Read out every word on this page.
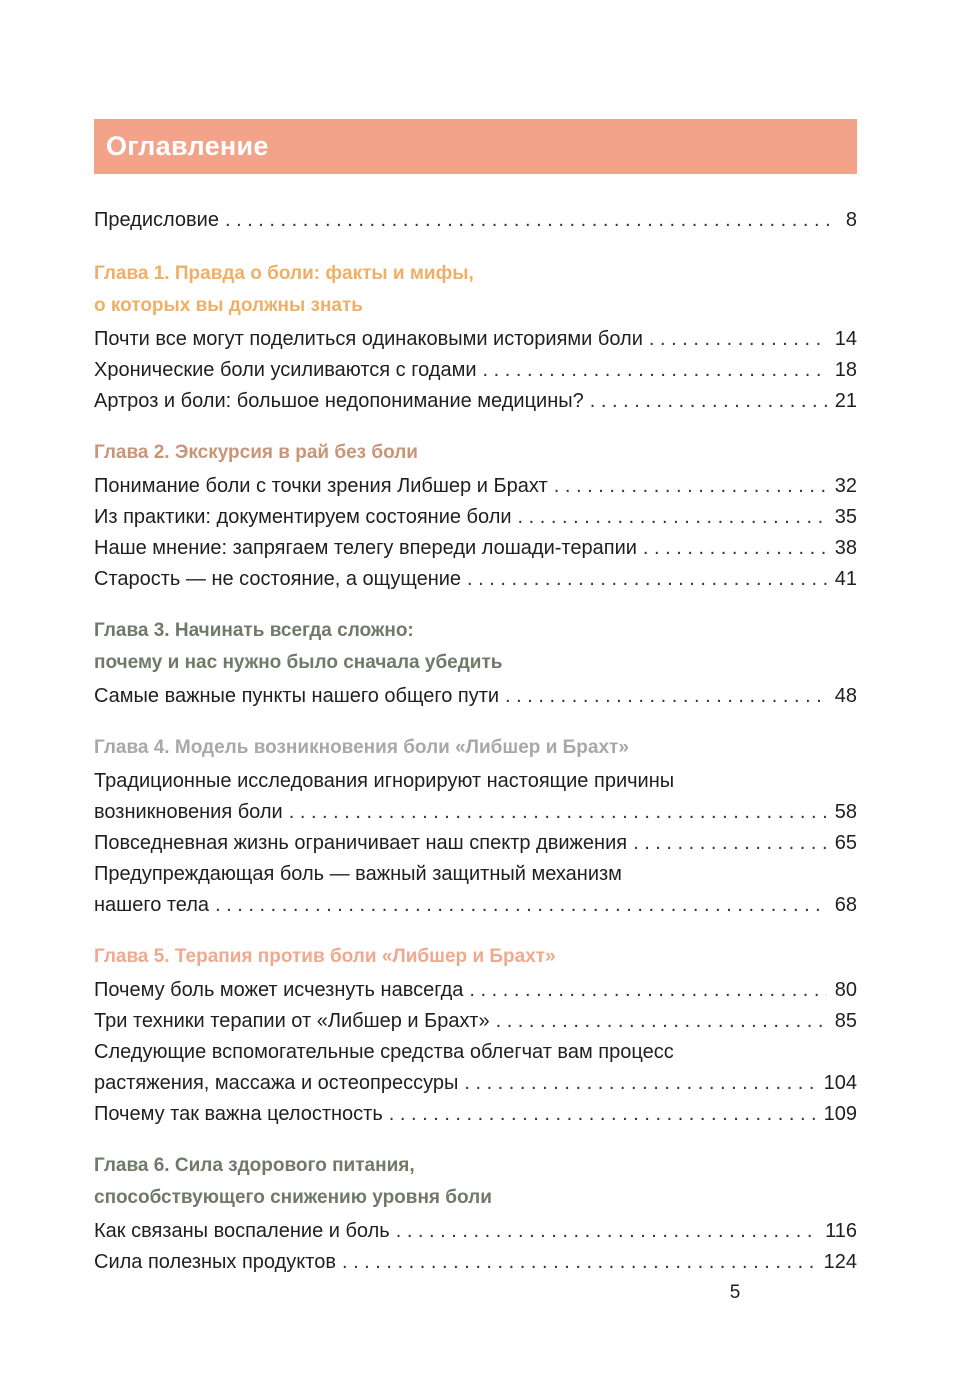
Оглавление
Предисловие . . .	8
Глава 1. Правда о боли: факты и мифы,
о которых вы должны знать
Почти все могут поделиться одинаковыми историями боли . . .	14
Хронические боли усиливаются с годами . . .	18
Артроз и боли: большое недопонимание медицины? . . .	21
Глава 2. Экскурсия в рай без боли
Понимание боли с точки зрения Либшер и Брахт . . .	32
Из практики: документируем состояние боли . . .	35
Наше мнение: запрягаем телегу впереди лошади-терапии . . .	38
Старость — не состояние, а ощущение . . .	41
Глава 3. Начинать всегда сложно:
почему и нас нужно было сначала убедить
Самые важные пункты нашего общего пути . . .	48
Глава 4. Модель возникновения боли «Либшер и Брахт»
Традиционные исследования игнорируют настоящие причины
возникновения боли . . .	58
Повседневная жизнь ограничивает наш спектр движения . . .	65
Предупреждающая боль — важный защитный механизм
нашего тела . . .	68
Глава 5. Терапия против боли «Либшер и Брахт»
Почему боль может исчезнуть навсегда . . .	80
Три техники терапии от «Либшер и Брахт» . . .	85
Следующие вспомогательные средства облегчат вам процесс
растяжения, массажа и остеопрессуры . . .	104
Почему так важна целостность . . .	109
Глава 6. Сила здорового питания,
способствующего снижению уровня боли
Как связаны воспаление и боль . . .	116
Сила полезных продуктов . . .	124
5
